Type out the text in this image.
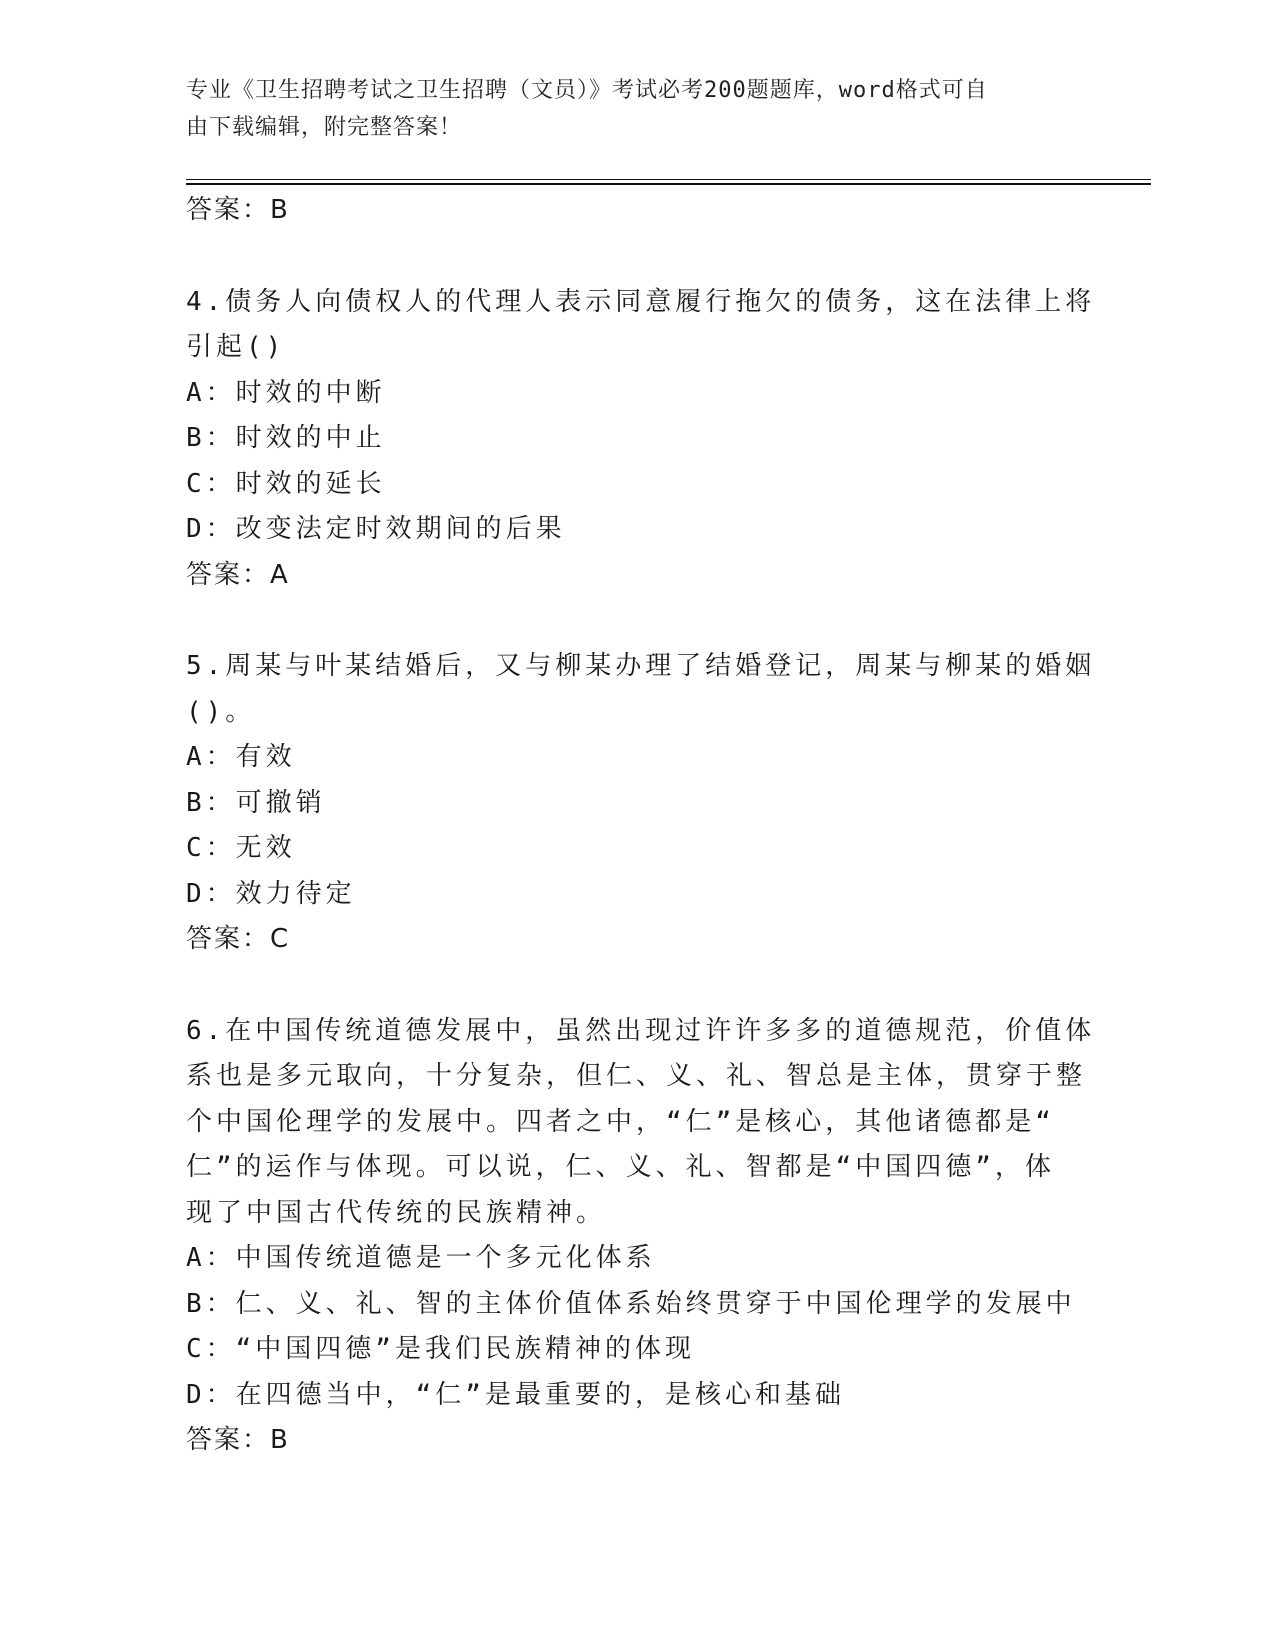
专业《卫生招聘考试之卫生招聘（文员）》考试必考200题题库，word格式可自
由下载编辑，附完整答案！
答案：B
4.债务人向债权人的代理人表示同意履行拖欠的债务，这在法律上将
引起()
A：时效的中断
B：时效的中止
C：时效的延长
D：改变法定时效期间的后果
答案：A
5.周某与叶某结婚后，又与柳某办理了结婚登记，周某与柳某的婚姻
()。
A：有效
B：可撤销
C：无效
D：效力待定
答案：C
6.在中国传统道德发展中，虽然出现过许许多多的道德规范，价值体
系也是多元取向，十分复杂，但仁、义、礼、智总是主体，贯穿于整
个中国伦理学的发展中。四者之中，“仁”是核心，其他诸德都是“
仁”的运作与体现。可以说，仁、义、礼、智都是“中国四德”，体
现了中国古代传统的民族精神。
A：中国传统道德是一个多元化体系
B：仁、义、礼、智的主体价值体系始终贯穿于中国伦理学的发展中
C：“中国四德”是我们民族精神的体现
D：在四德当中，“仁”是最重要的，是核心和基础
答案：B
